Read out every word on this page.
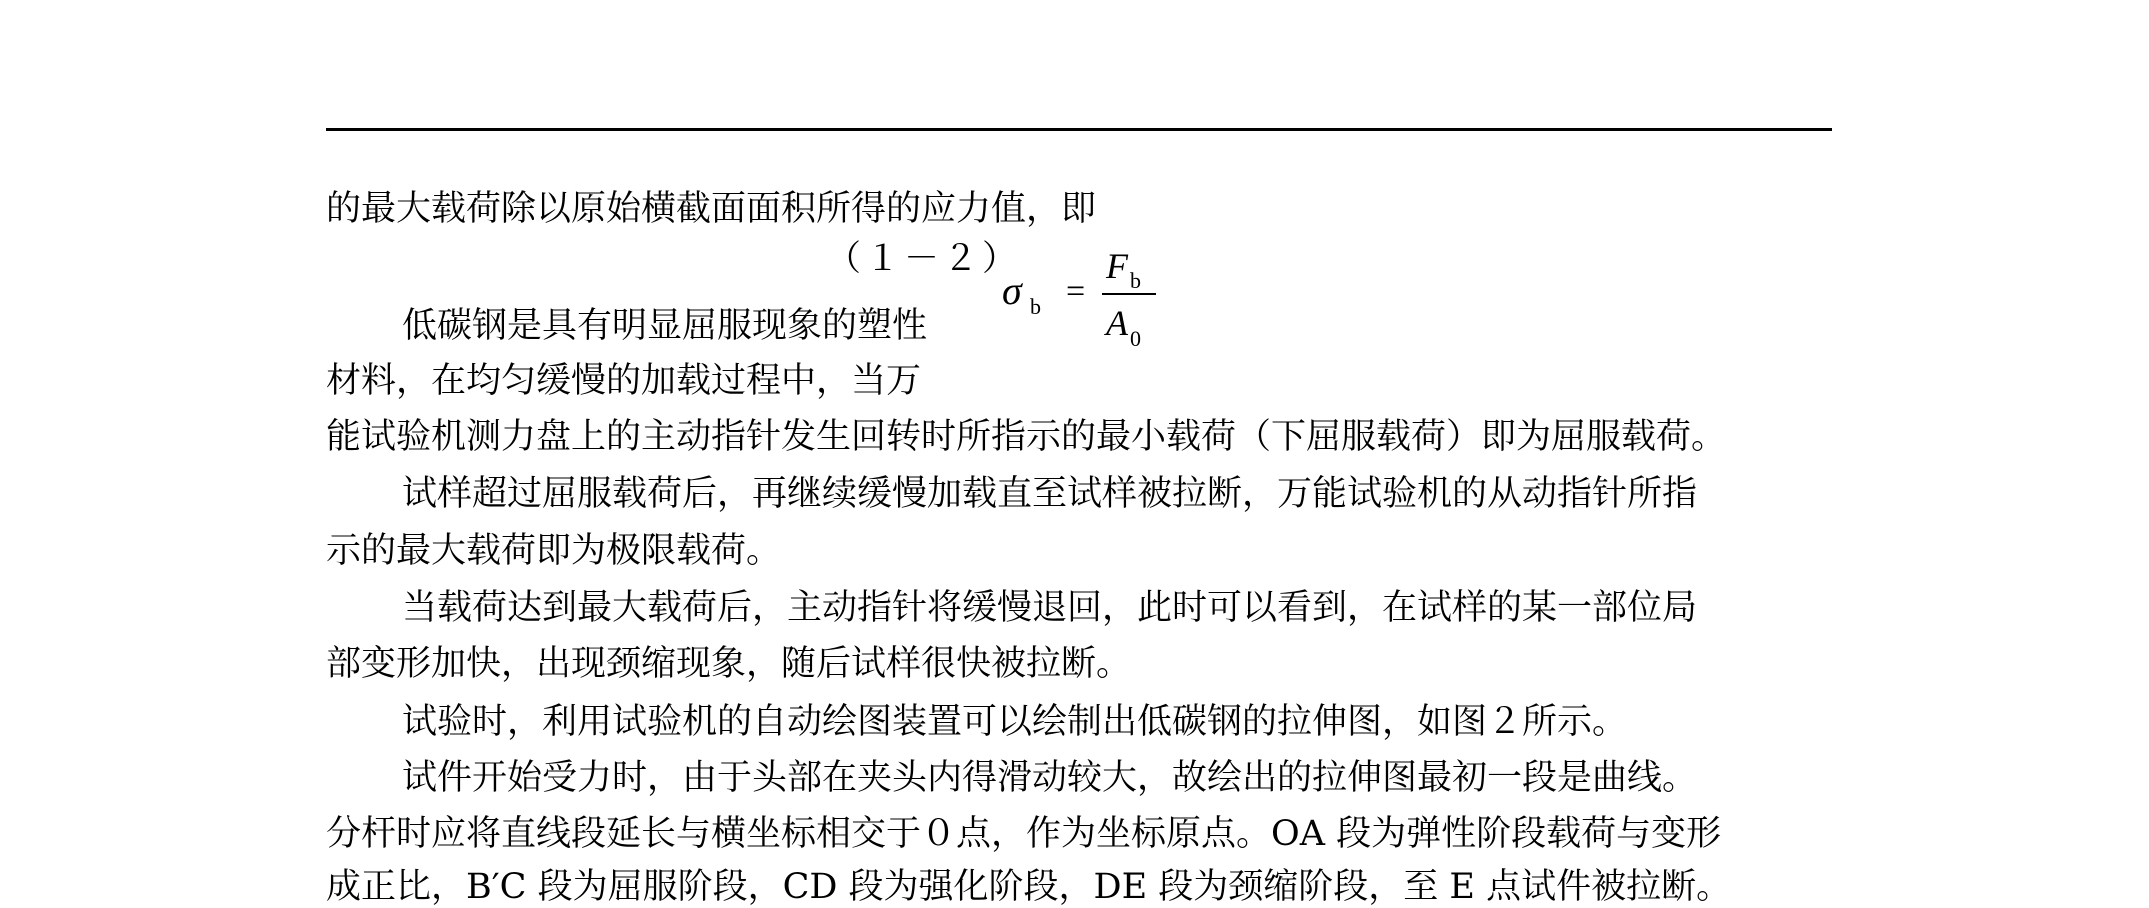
的最大载荷除以原始横截面面积所得的应力值，即

（１－２）
σ b =
F b
A 0

低碳钢是具有明显屈服现象的塑性

材料，在均匀缓慢的加载过程中，当万

能试验机测力盘上的主动指针发生回转时所指示的最小载荷（下屈服载荷）即为屈服载荷。

试样超过屈服载荷后，再继续缓慢加载直至试样被拉断，万能试验机的从动指针所指

示的最大载荷即为极限载荷。

当载荷达到最大载荷后，主动指针将缓慢退回，此时可以看到，在试样的某一部位局

部变形加快，出现颈缩现象，随后试样很快被拉断。

试验时，利用试验机的自动绘图装置可以绘制出低碳钢的拉伸图，如图２所示。

试件开始受力时，由于头部在夹头内得滑动较大，故绘出的拉伸图最初一段是曲线。

分杆时应将直线段延长与横坐标相交于０点，作为坐标原点。OA 段为弹性阶段载荷与变形

成正比，B′C 段为屈服阶段，CD 段为强化阶段，DE 段为颈缩阶段，至 E 点试件被拉断。
